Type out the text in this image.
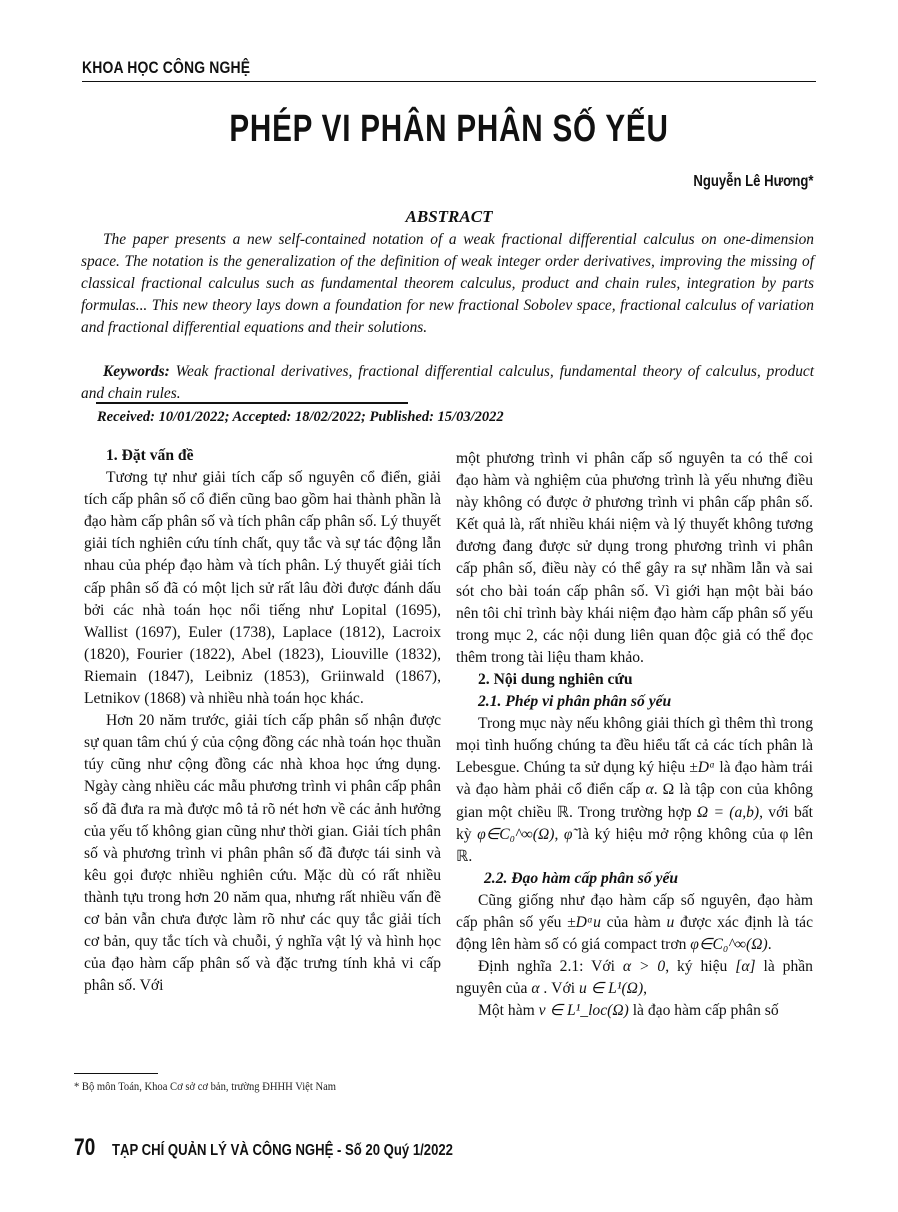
KHOA HỌC CÔNG NGHỆ
PHÉP VI PHÂN PHÂN SỐ YẾU
Nguyễn Lê Hương*
ABSTRACT
The paper presents a new self-contained notation of a weak fractional differential calculus on one-dimension space. The notation is the generalization of the definition of weak integer order derivatives, improving the missing of classical fractional calculus such as fundamental theorem calculus, product and chain rules, integration by parts formulas... This new theory lays down a foundation for new fractional Sobolev space, fractional calculus of variation and fractional differential equations and their solutions.
Keywords: Weak fractional derivatives, fractional differential calculus, fundamental theory of calculus, product and chain rules.
Received: 10/01/2022; Accepted: 18/02/2022; Published: 15/03/2022

1. Đặt vấn đề

Tương tự như giải tích cấp số nguyên cổ điển, giải tích cấp phân số cổ điển cũng bao gồm hai thành phần là đạo hàm cấp phân số và tích phân cấp phân số. Lý thuyết giải tích nghiên cứu tính chất, quy tắc và sự tác động lẫn nhau của phép đạo hàm và tích phân. Lý thuyết giải tích cấp phân số đã có một lịch sử rất lâu đời được đánh dấu bởi các nhà toán học nổi tiếng như Lopital (1695), Wallist (1697), Euler (1738), Laplace (1812), Lacroix (1820), Fourier (1822), Abel (1823), Liouville (1832), Riemain (1847), Leibniz (1853), Griinwald (1867), Letnikov (1868) và nhiều nhà toán học khác.

Hơn 20 năm trước, giải tích cấp phân số nhận được sự quan tâm chú ý của cộng đồng các nhà toán học thuần túy cũng như cộng đồng các nhà khoa học ứng dụng. Ngày càng nhiều các mẫu phương trình vi phân cấp phân số đã đưa ra mà được mô tả rõ nét hơn về các ảnh hưởng của yếu tố không gian cũng như thời gian. Giải tích phân số và phương trình vi phân phân số đã được tái sinh và kêu gọi được nhiều nghiên cứu. Mặc dù có rất nhiều thành tựu trong hơn 20 năm qua, nhưng rất nhiều vấn đề cơ bản vẫn chưa được làm rõ như các quy tắc giải tích cơ bản, quy tắc tích và chuỗi, ý nghĩa vật lý và hình học của đạo hàm cấp phân số và đặc trưng tính khả vi cấp phân số. Với

một phương trình vi phân cấp số nguyên ta có thể coi đạo hàm và nghiệm của phương trình là yếu nhưng điều này không có được ở phương trình vi phân cấp phân số. Kết quả là, rất nhiều khái niệm và lý thuyết không tương đương đang được sử dụng trong phương trình vi phân cấp phân số, điều này có thể gây ra sự nhầm lẫn và sai sót cho bài toán cấp phân số. Vì giới hạn một bài báo nên tôi chỉ trình bày khái niệm đạo hàm cấp phân số yếu trong mục 2, các nội dung liên quan độc giả có thể đọc thêm trong tài liệu tham khảo.

2. Nội dung nghiên cứu

2.1. Phép vi phân phân số yếu

Trong mục này nếu không giải thích gì thêm thì trong mọi tình huống chúng ta đều hiểu tất cả các tích phân là Lebesgue. Chúng ta sử dụng ký hiệu ±Dᵅ là đạo hàm trái và đạo hàm phải cổ điển cấp α. Ω là tập con của không gian một chiều ℝ. Trong trường hợp Ω = (a,b), với bất kỳ φ∈C₀^∞(Ω), φ̃ là ký hiệu mở rộng không của φ lên ℝ.

2.2. Đạo hàm cấp phân số yếu

Cũng giống như đạo hàm cấp số nguyên, đạo hàm cấp phân số yếu ±Dᵅu của hàm u được xác định là tác động lên hàm số có giá compact trơn φ∈C₀^∞(Ω).

Định nghĩa 2.1: Với α > 0, ký hiệu [α] là phần nguyên của α . Với u ∈ L¹(Ω),

Một hàm v ∈ L¹_loc(Ω) là đạo hàm cấp phân số

* Bộ môn Toán, Khoa Cơ sở cơ bản, trường ĐHHH Việt Nam
70 TẠP CHÍ QUẢN LÝ VÀ CÔNG NGHỆ - Số 20 Quý 1/2022
